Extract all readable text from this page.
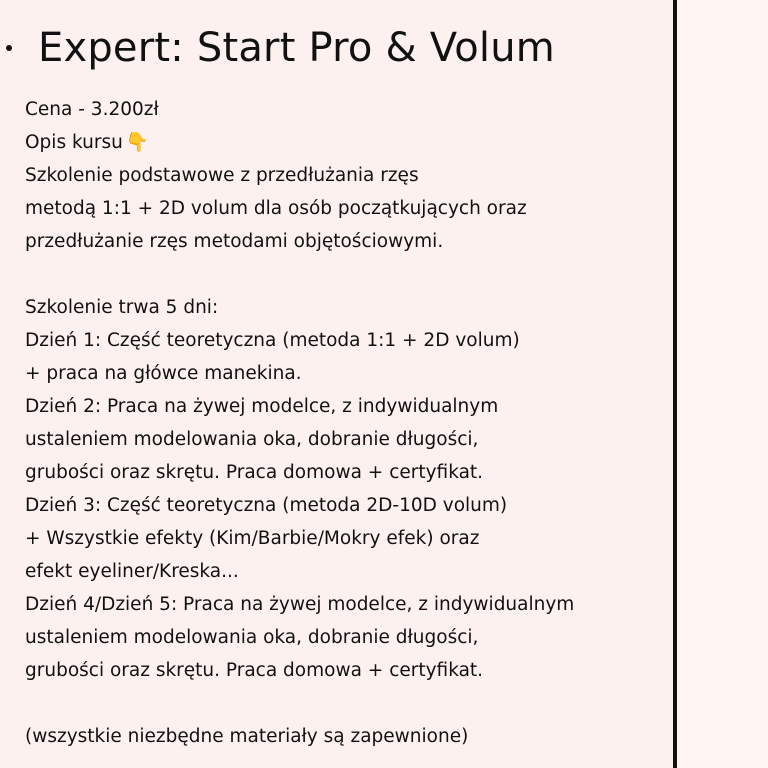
Expert: Start Pro & Volum
Cena - 3.200zł
Opis kursu 👇
Szkolenie podstawowe z przedłużania rzęs
metodą 1:1 + 2D volum dla osób początkujących oraz
przedłużanie rzęs metodami objętościowymi.
Szkolenie trwa 5 dni:
Dzień 1: Część teoretyczna (metoda 1:1 + 2D volum)
+ praca na główce manekina.
Dzień 2: Praca na żywej modelce, z indywidualnym
ustaleniem modelowania oka, dobranie długości,
grubości oraz skrętu. Praca domowa + certyfikat.
Dzień 3: Część teoretyczna (metoda 2D-10D volum)
+ Wszystkie efekty (Kim/Barbie/Mokry efek) oraz
efekt eyeliner/Kreska...
Dzień 4/Dzień 5: Praca na żywej modelce, z indywidualnym
ustaleniem modelowania oka, dobranie długości,
grubości oraz skrętu. Praca domowa + certyfikat.
(wszystkie niezbędne materiały są zapewnione)
